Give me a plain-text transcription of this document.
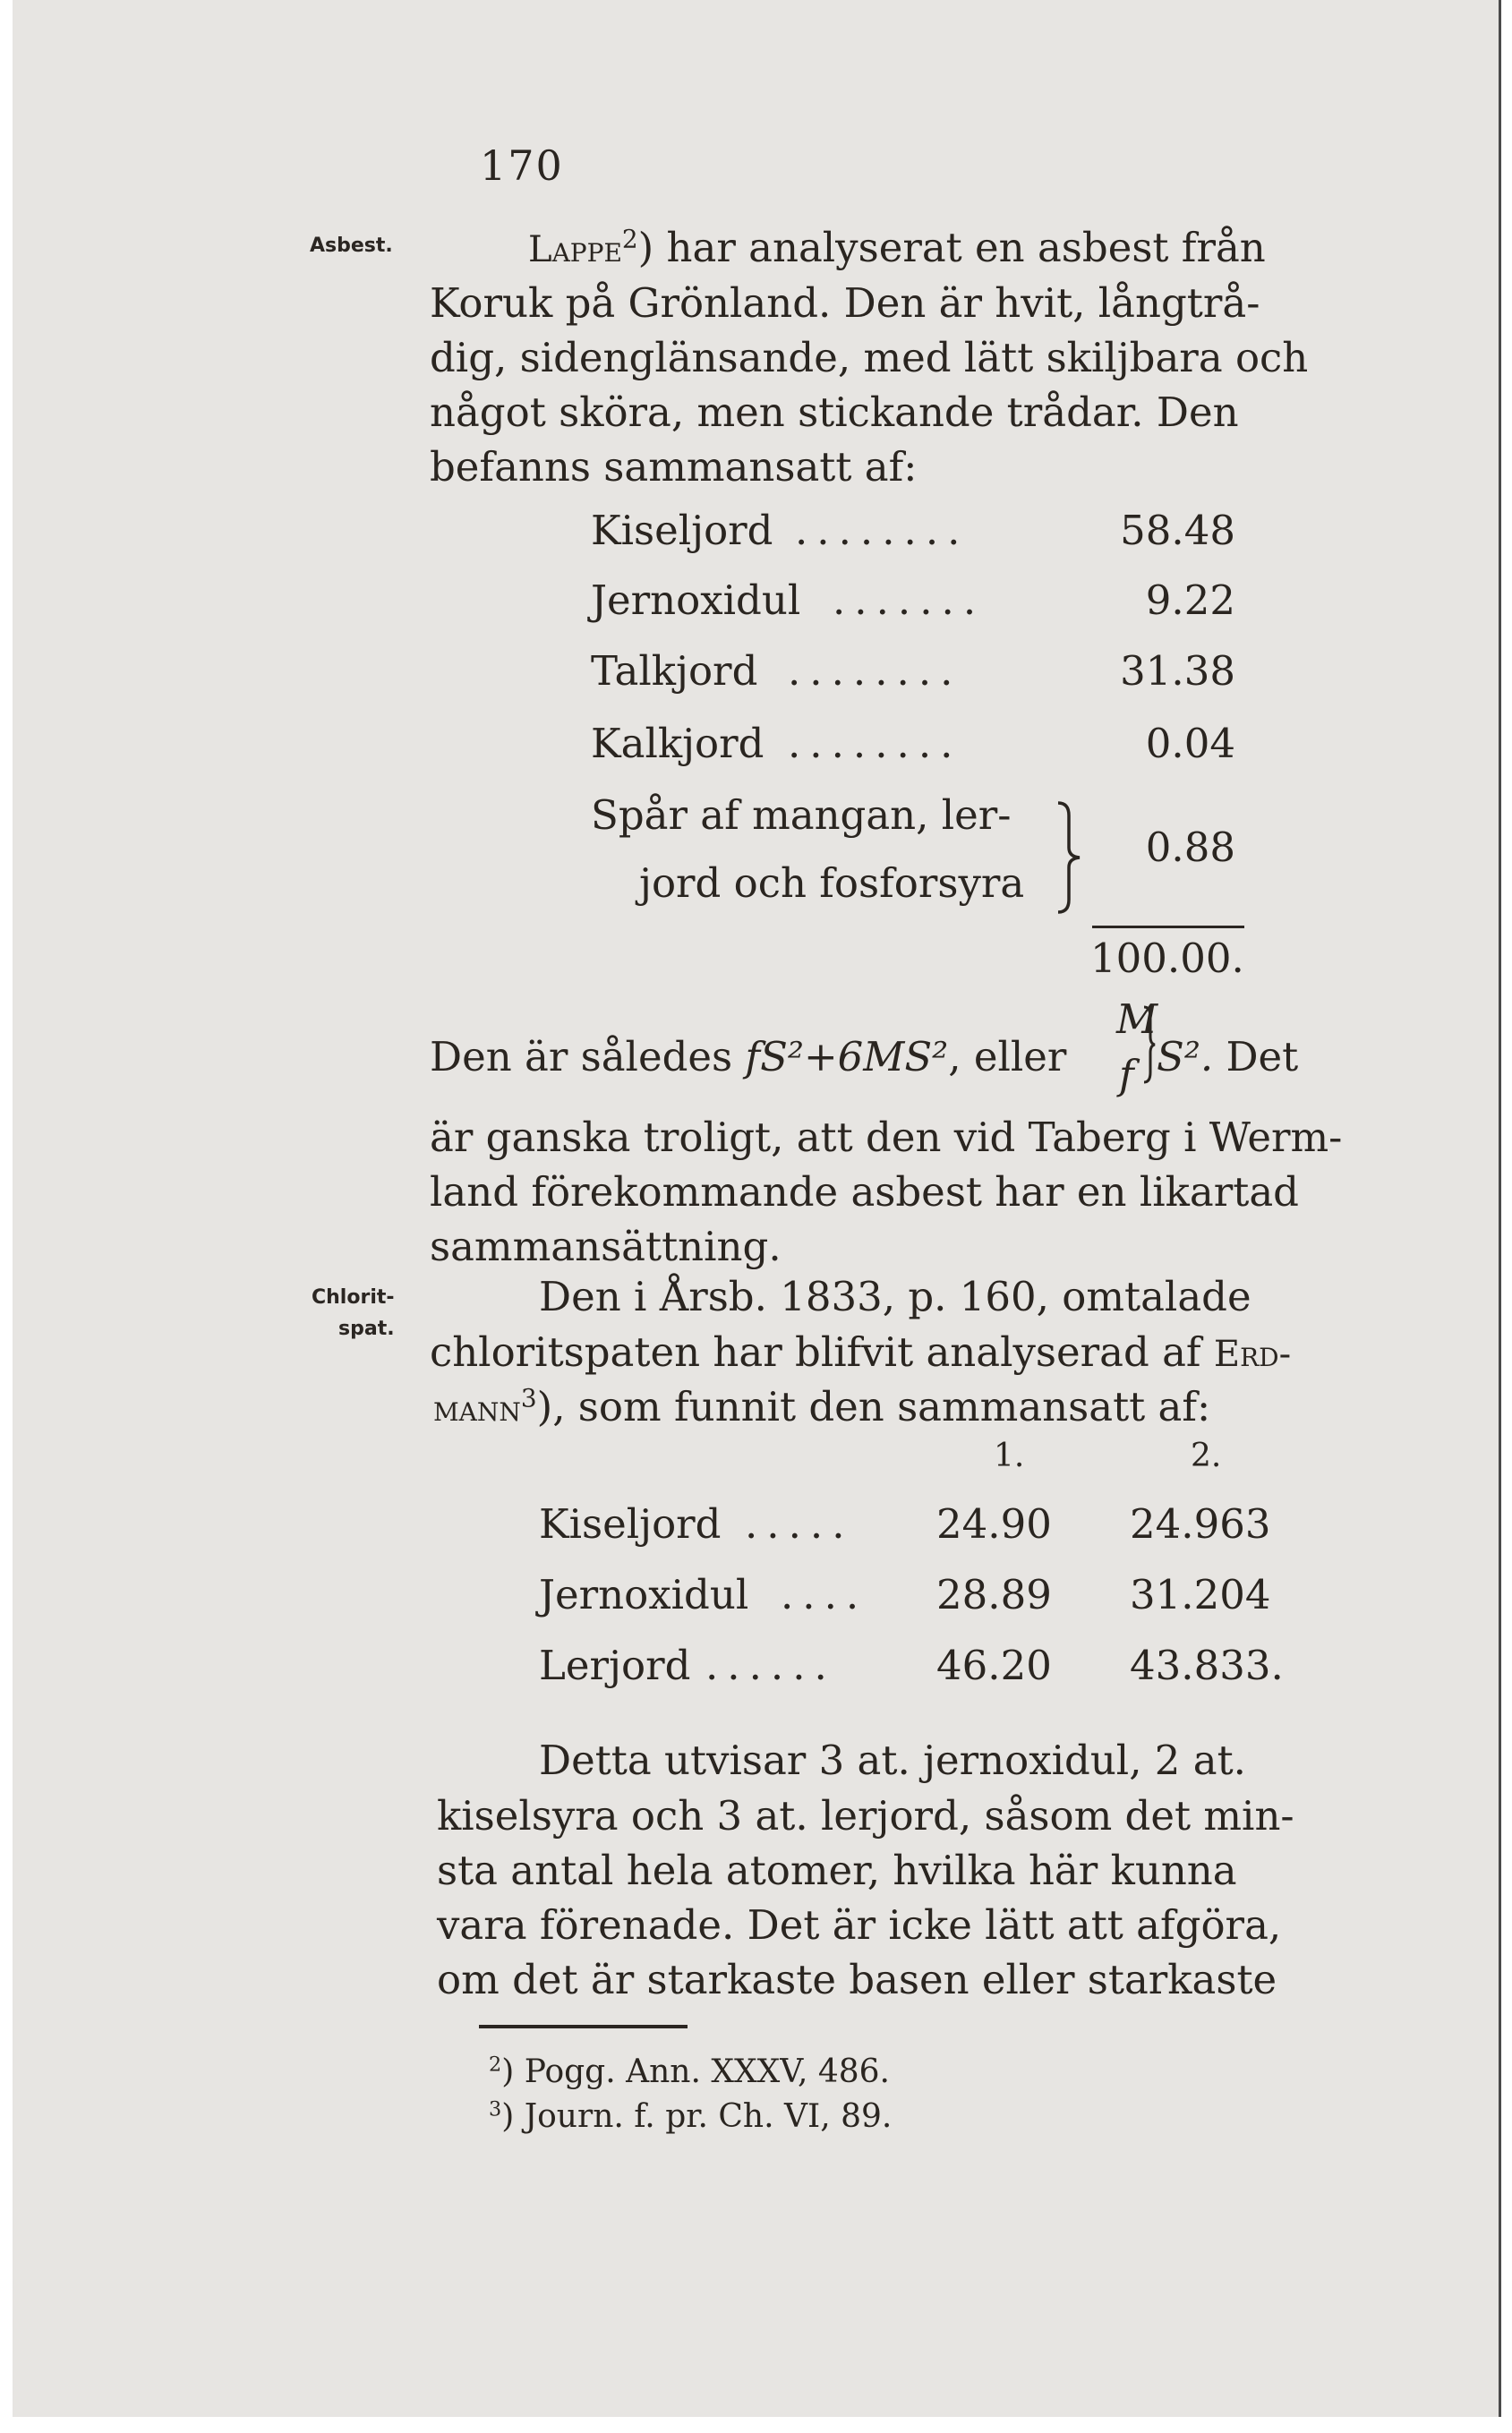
170
Asbest.
Chlorit-
spat.
Lappe$^2$) har analyserat en asbest från
Koruk på Grönland. Den är hvit, långtrå-
dig, sidenglänsande, med lätt skiljbara och
något sköra, men stickande trådar. Den
befanns sammansatt af:
Kiseljord ........	58.48
Jernoxidul .......	9.22
Talkjord ........	31.38
Kalkjord ........	0.04
Spår af mangan, ler-
jord och fosforsyra
0.88
100.00.
Den är således fS²+6MS², eller
M
f S². Det
är ganska troligt, att den vid Taberg i Werm-
land förekommande asbest har en likartad
sammansättning.
Den i Årsb. 1833, p. 160, omtalade
chloritspaten har blifvit analyserad af Erd-
mann$^3$), som funnit den sammansatt af:
1.	2.
Kiseljord ..... 24.90 24.963
Jernoxidul .... 28.89 31.204
Lerjord ...... 46.20 43.833.
Detta utvisar 3 at. jernoxidul, 2 at.
kiselsyra och 3 at. lerjord, såsom det min-
sta antal hela atomer, hvilka här kunna
vara förenade. Det är icke lätt att afgöra,
om det är starkaste basen eller starkaste
$^2$) Pogg. Ann. XXXV, 486.
$^3$) Journ. f. pr. Ch. VI, 89.
